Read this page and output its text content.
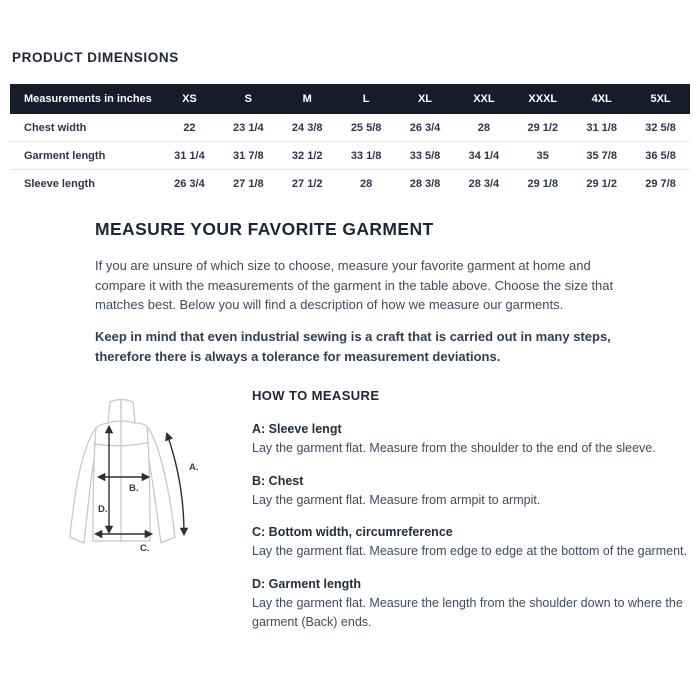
PRODUCT DIMENSIONS
Measurements in inches	XS	S	M	L	XL	XXL	XXXL	4XL	5XL
Chest width	22	23 1/4	24 3/8	25 5/8	26 3/4	28	29 1/2	31 1/8	32 5/8
Garment length	31 1/4	31 7/8	32 1/2	33 1/8	33 5/8	34 1/4	35	35 7/8	36 5/8
Sleeve length	26 3/4	27 1/8	27 1/2	28	28 3/8	28 3/4	29 1/8	29 1/2	29 7/8
MEASURE YOUR FAVORITE GARMENT
If you are unsure of which size to choose, measure your favorite garment at home and compare it with the measurements of the garment in the table above. Choose the size that matches best. Below you will find a description of how we measure our garments.
Keep in mind that even industrial sewing is a craft that is carried out in many steps, therefore there is always a tolerance for measurement deviations.
A.
B.
C.
D.
HOW TO MEASURE
A: Sleeve lengt
Lay the garment flat. Measure from the shoulder to the end of the sleeve.
B: Chest
Lay the garment flat. Measure from armpit to armpit.
C: Bottom width, circumreference
Lay the garment flat. Measure from edge to edge at the bottom of the garment.
D: Garment length
Lay the garment flat. Measure the length from the shoulder down to where the garment (Back) ends.
